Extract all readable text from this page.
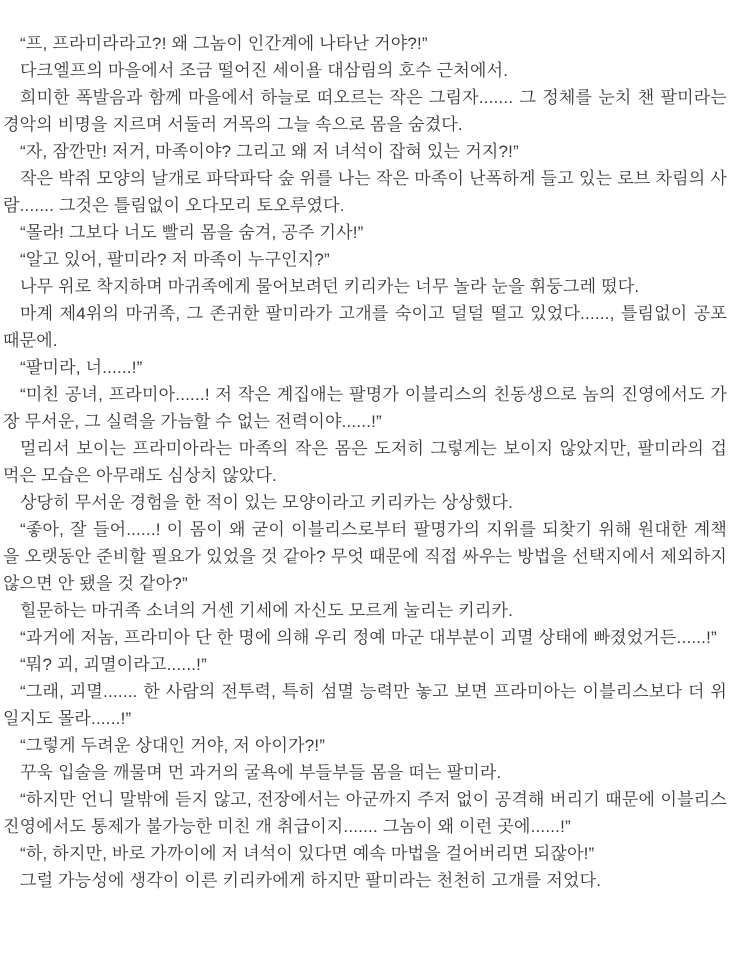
“프, 프라미라라고?! 왜 그놈이 인간계에 나타난 거야?!”

다크엘프의 마을에서 조금 떨어진 세이욜 대삼림의 호수 근처에서.

희미한 폭발음과 함께 마을에서 하늘로 떠오르는 작은 그림자....... 그 정체를 눈치 챈 팔미라는 경악의 비명을 지르며 서둘러 거목의 그늘 속으로 몸을 숨겼다.

“자, 잠깐만! 저거, 마족이야? 그리고 왜 저 녀석이 잡혀 있는 거지?!”

작은 박쥐 모양의 날개로 파닥파닥 숲 위를 나는 작은 마족이 난폭하게 들고 있는 로브 차림의 사람....... 그것은 틀림없이 오다모리 토오루였다.

“몰라! 그보다 너도 빨리 몸을 숨겨, 공주 기사!”

“알고 있어, 팔미라? 저 마족이 누구인지?”

나무 위로 착지하며 마귀족에게 물어보려던 키리카는 너무 놀라 눈을 휘둥그레 떴다.

마계 제4위의 마귀족, 그 존귀한 팔미라가 고개를 숙이고 덜덜 떨고 있었다......, 틀림없이 공포 때문에.

“팔미라, 너......!”

“미친 공녀, 프라미아......! 저 작은 계집애는 팔명가 이블리스의 친동생으로 놈의 진영에서도 가장 무서운, 그 실력을 가늠할 수 없는 전력이야......!”

멀리서 보이는 프라미아라는 마족의 작은 몸은 도저히 그렇게는 보이지 않았지만, 팔미라의 겁먹은 모습은 아무래도 심상치 않았다.

상당히 무서운 경험을 한 적이 있는 모양이라고 키리카는 상상했다.

“좋아, 잘 들어......! 이 몸이 왜 굳이 이블리스로부터 팔명가의 지위를 되찾기 위해 원대한 계책을 오랫동안 준비할 필요가 있었을 것 같아? 무엇 때문에 직접 싸우는 방법을 선택지에서 제외하지 않으면 안 됐을 것 같아?”

힐문하는 마귀족 소녀의 거센 기세에 자신도 모르게 눌리는 키리카.

“과거에 저놈, 프라미아 단 한 명에 의해 우리 정예 마군 대부분이 괴멸 상태에 빠졌었거든......!”

“뭐? 괴, 괴멸이라고......!”

“그래, 괴멸....... 한 사람의 전투력, 특히 섬멸 능력만 놓고 보면 프라미아는 이블리스보다 더 위일지도 몰라......!”

“그렇게 두려운 상대인 거야, 저 아이가?!”

꾸욱 입술을 깨물며 먼 과거의 굴욕에 부들부들 몸을 떠는 팔미라.

“하지만 언니 말밖에 듣지 않고, 전장에서는 아군까지 주저 없이 공격해 버리기 때문에 이블리스 진영에서도 통제가 불가능한 미친 개 취급이지....... 그놈이 왜 이런 곳에......!”

“하, 하지만, 바로 가까이에 저 녀석이 있다면 예속 마법을 걸어버리면 되잖아!”

그럴 가능성에 생각이 이른 키리카에게 하지만 팔미라는 천천히 고개를 저었다.
